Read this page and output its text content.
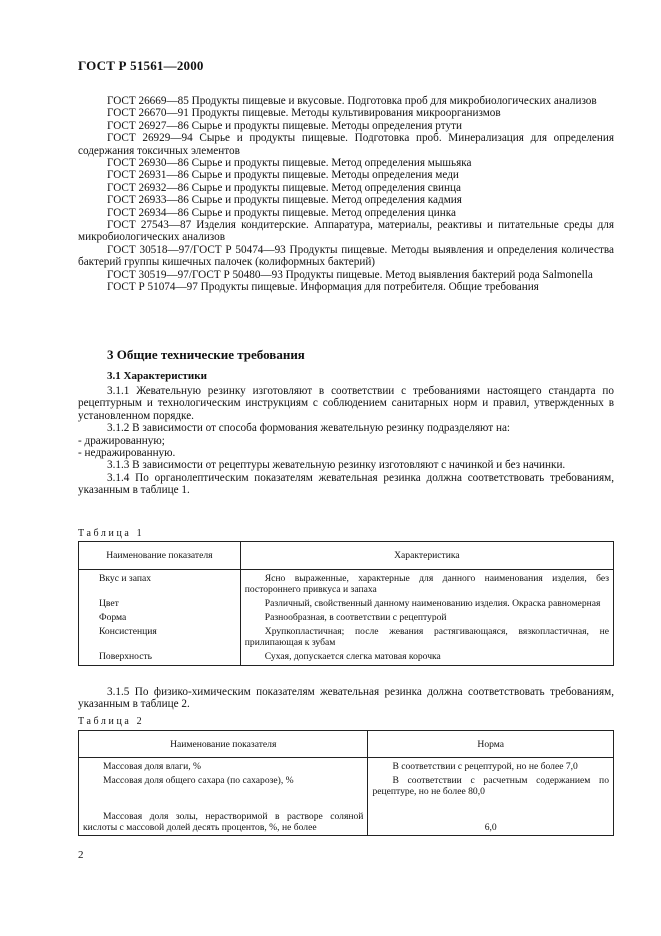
ГОСТ Р 51561—2000

ГОСТ 26669—85 Продукты пищевые и вкусовые. Подготовка проб для микробиологических анализов

ГОСТ 26670—91 Продукты пищевые. Методы культивирования микроорганизмов

ГОСТ 26927—86 Сырье и продукты пищевые. Методы определения ртути

ГОСТ 26929—94 Сырье и продукты пищевые. Подготовка проб. Минерализация для определения содержания токсичных элементов

ГОСТ 26930—86 Сырье и продукты пищевые. Метод определения мышьяка

ГОСТ 26931—86 Сырье и продукты пищевые. Методы определения меди

ГОСТ 26932—86 Сырье и продукты пищевые. Метод определения свинца

ГОСТ 26933—86 Сырье и продукты пищевые. Метод определения кадмия

ГОСТ 26934—86 Сырье и продукты пищевые. Метод определения цинка

ГОСТ 27543—87 Изделия кондитерские. Аппаратура, материалы, реактивы и питательные среды для микробиологических анализов

ГОСТ 30518—97/ГОСТ Р 50474—93 Продукты пищевые. Методы выявления и определения количества бактерий группы кишечных палочек (колиформных бактерий)

ГОСТ 30519—97/ГОСТ Р 50480—93 Продукты пищевые. Метод выявления бактерий рода Salmonella

ГОСТ Р 51074—97 Продукты пищевые. Информация для потребителя. Общие требования

3 Общие технические требования
3.1 Характеристики

3.1.1 Жевательную резинку изготовляют в соответствии с требованиями настоящего стандарта по рецептурным и технологическим инструкциям с соблюдением санитарных норм и правил, утвержденных в установленном порядке.

3.1.2 В зависимости от способа формования жевательную резинку подразделяют на:

- дражированную;

- недражированную.

3.1.3 В зависимости от рецептуры жевательную резинку изготовляют с начинкой и без начинки.

3.1.4 По органолептическим показателям жевательная резинка должна соответствовать требованиям, указанным в таблице 1.

Таблица 1
Наименование показателя	Характеристика
Вкус и запах	Ясно выраженные, характерные для данного наименования изделия, без постороннего привкуса и запаха
Цвет	Различный, свойственный данному наименованию изделия. Окраска равномерная
Форма	Разнообразная, в соответствии с рецептурой
Консистенция	Хрупкопластичная; после жевания растягивающаяся, вязкопластичная, не прилипающая к зубам
Поверхность	Сухая, допускается слегка матовая корочка

3.1.5 По физико-химическим показателям жевательная резинка должна соответствовать требованиям, указанным в таблице 2.

Таблица 2
Наименование показателя	Норма
Массовая доля влаги, %	В соответствии с рецептурой, но не более 7,0
Массовая доля общего сахара (по сахарозе), %	В соответствии с расчетным содержанием по рецептуре, но не более 80,0
Массовая доля золы, нерастворимой в растворе соляной кислоты с массовой долей десять процентов, %, не более	6,0
2
